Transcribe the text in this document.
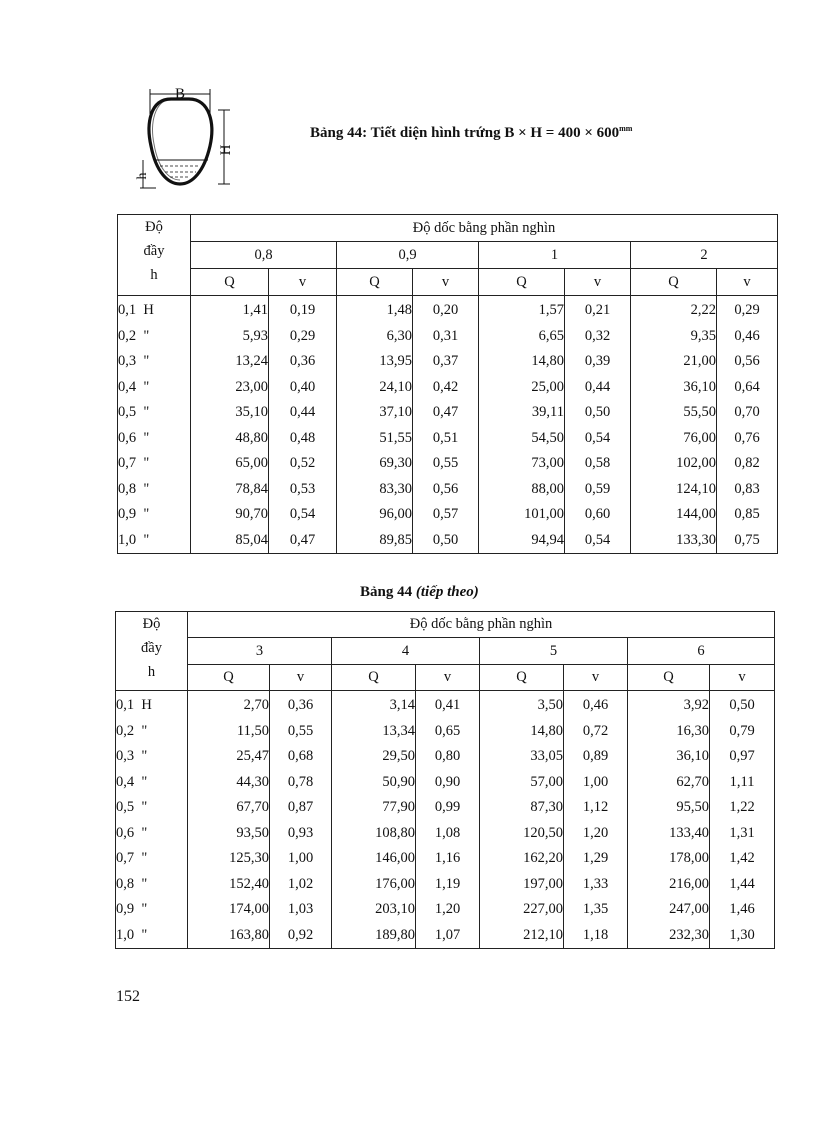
B
H
h
Bảng 44: Tiết diện hình trứng $B \times H = 400 \times 600^{mm}$
Độ
đầy
h	Độ dốc bằng phần nghìn							
	0,8		0,9		1		2	
	Q	v	Q	v	Q	v	Q	v
0,1  H	1,41	0,19	1,48	0,20	1,57	0,21	2,22	0,29
0,2  "	5,93	0,29	6,30	0,31	6,65	0,32	9,35	0,46
0,3  "	13,24	0,36	13,95	0,37	14,80	0,39	21,00	0,56
0,4  "	23,00	0,40	24,10	0,42	25,00	0,44	36,10	0,64
0,5  "	35,10	0,44	37,10	0,47	39,11	0,50	55,50	0,70
0,6  "	48,80	0,48	51,55	0,51	54,50	0,54	76,00	0,76
0,7  "	65,00	0,52	69,30	0,55	73,00	0,58	102,00	0,82
0,8  "	78,84	0,53	83,30	0,56	88,00	0,59	124,10	0,83
0,9  "	90,70	0,54	96,00	0,57	101,00	0,60	144,00	0,85
1,0  "	85,04	0,47	89,85	0,50	94,94	0,54	133,30	0,75
Bảng 44 (tiếp theo)
Độ
đầy
h	Độ dốc bằng phần nghìn							
	3		4		5		6	
	Q	v	Q	v	Q	v	Q	v
0,1  H	2,70	0,36	3,14	0,41	3,50	0,46	3,92	0,50
0,2  "	11,50	0,55	13,34	0,65	14,80	0,72	16,30	0,79
0,3  "	25,47	0,68	29,50	0,80	33,05	0,89	36,10	0,97
0,4  "	44,30	0,78	50,90	0,90	57,00	1,00	62,70	1,11
0,5  "	67,70	0,87	77,90	0,99	87,30	1,12	95,50	1,22
0,6  "	93,50	0,93	108,80	1,08	120,50	1,20	133,40	1,31
0,7  "	125,30	1,00	146,00	1,16	162,20	1,29	178,00	1,42
0,8  "	152,40	1,02	176,00	1,19	197,00	1,33	216,00	1,44
0,9  "	174,00	1,03	203,10	1,20	227,00	1,35	247,00	1,46
1,0  "	163,80	0,92	189,80	1,07	212,10	1,18	232,30	1,30
152
